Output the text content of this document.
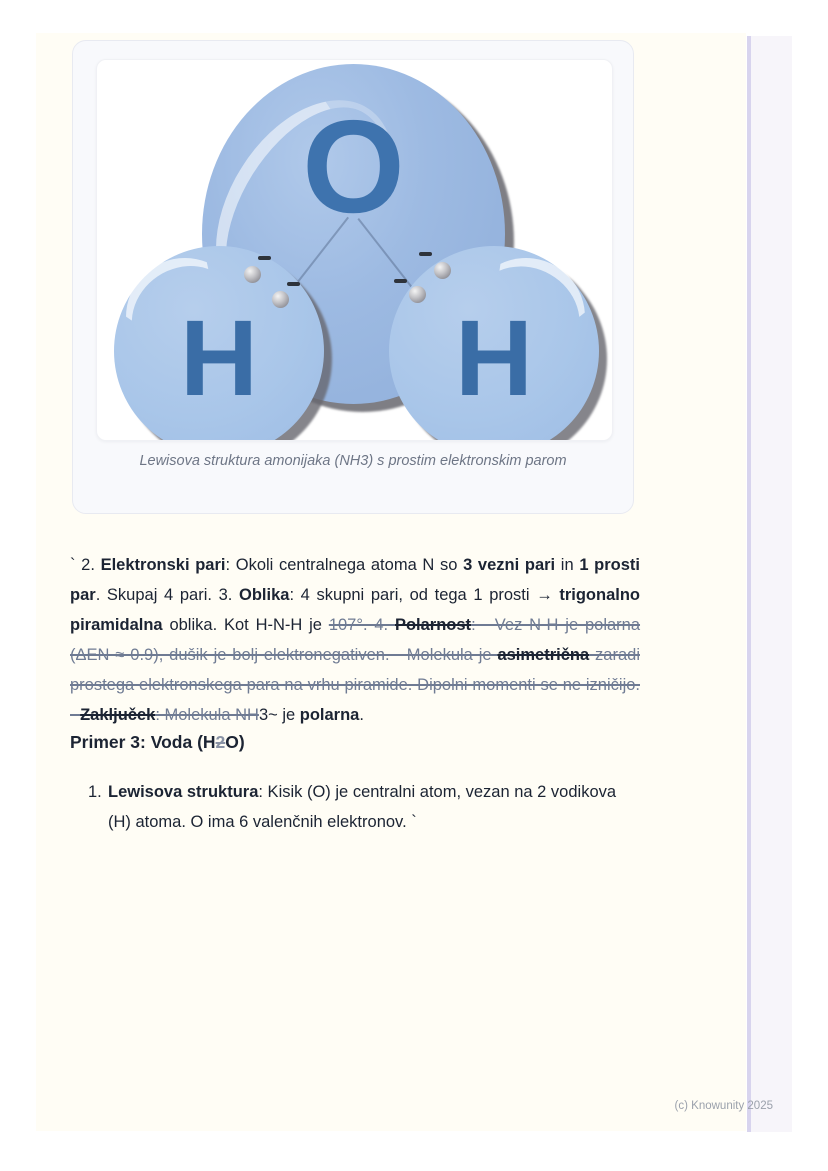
O
H H
Lewisova struktura amonijaka (NH3) s prostim elektronskim parom
` 2. Elektronski pari: Okoli centralnega atoma N so 3 vezni pari in 1 prosti par. Skupaj 4 pari. 3. Oblika: 4 skupni pari, od tega 1 prosti → trigonalno piramidalna oblika. Kot H-N-H je 107°. 4. Polarnost: - Vez N-H je polarna (ΔEN ≈ 0.9), dušik je bolj elektronegativen. - Molekula je asimetrična zaradi prostega elektronskega para na vrhu piramide. Dipolni momenti se ne izničijo. - Zaključek: Molekula NH3~ je polarna.
Primer 3: Voda (H2O)
1. Lewisova struktura: Kisik (O) je centralni atom, vezan na 2 vodikova (H) atoma. O ima 6 valenčnih elektronov. `
(c) Knowunity 2025
